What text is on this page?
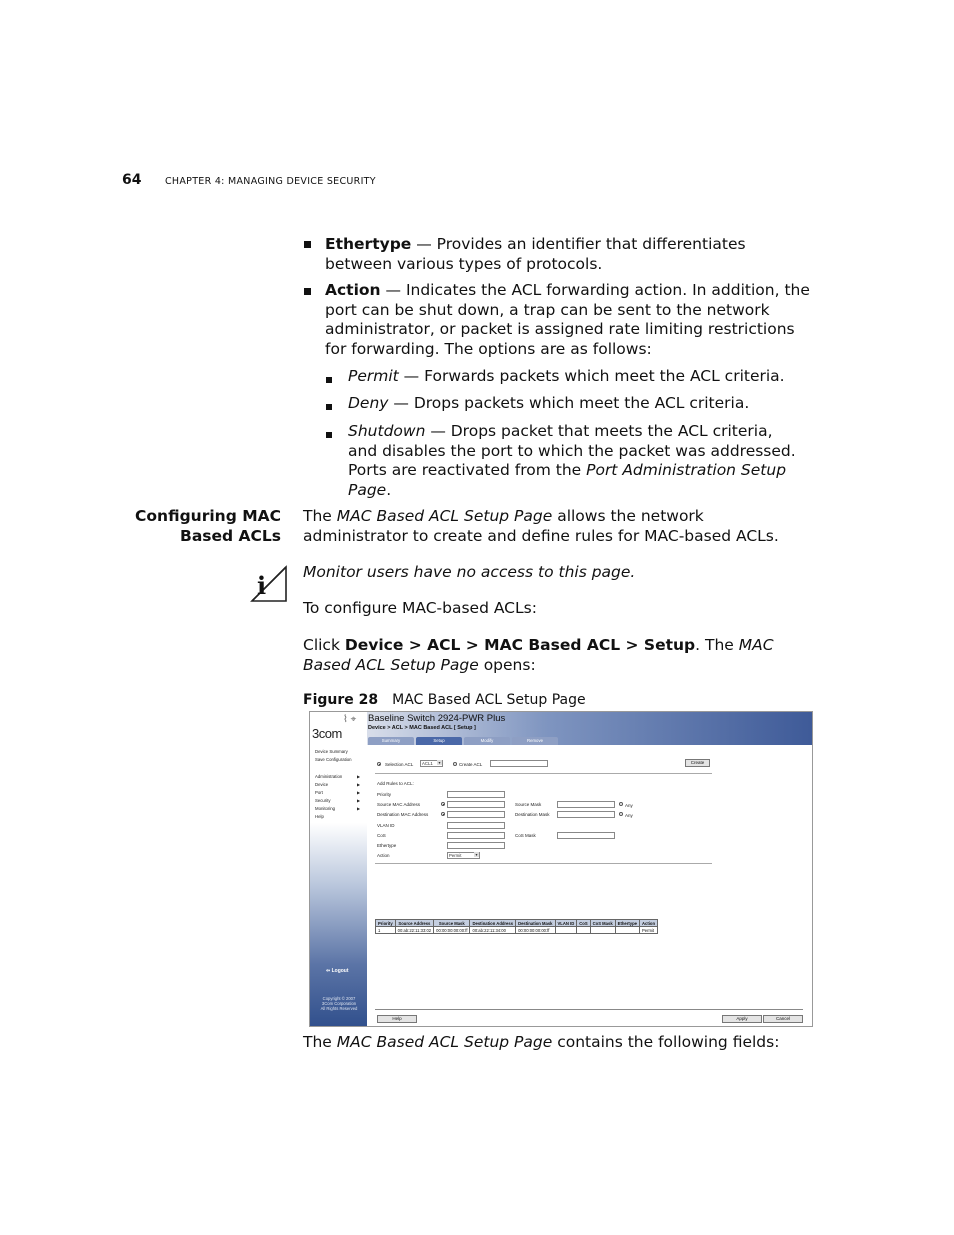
64 CHAPTER 4: MANAGING DEVICE SECURITY
Ethertype — Provides an identifier that differentiates between various types of protocols.
Action — Indicates the ACL forwarding action. In addition, the port can be shut down, a trap can be sent to the network administrator, or packet is assigned rate limiting restrictions for forwarding. The options are as follows:
Permit — Forwards packets which meet the ACL criteria.
Deny — Drops packets which meet the ACL criteria.
Shutdown — Drops packet that meets the ACL criteria, and disables the port to which the packet was addressed. Ports are reactivated from the Port Administration Setup Page.
Configuring MAC
Based ACLs
The MAC Based ACL Setup Page allows the network administrator to create and define rules for MAC-based ACLs.
i Monitor users have no access to this page.
To configure MAC-based ACLs:
Click Device > ACL > MAC Based ACL > Setup. The MAC Based ACL Setup Page opens:
Figure 28 MAC Based ACL Setup Page
⌇ ⌖
3com
Device Summary
Save Configuration
Administration	▶
Device	▶
Port	▶
Security	▶
Monitoring	▶
Help
⇦ Logout
Copyright © 2007
3Com Corporation
All Rights Reserved
Baseline Switch 2924-PWR Plus
Device > ACL > MAC Based ACL [ Setup ]
Summary	Setup	Modify	Remove
Selection ACL	ACL1 ▾	Create ACL	Create
Add Rules to ACL:
Priority
Source MAC Address	Source Mask	Any
Destination MAC Address	Destination Mask	Any
VLAN ID
CoS	CoS Mask
Ethertype
Action	Permit ▾
Priority	Source Address	Source Mask	Destination Address	Destination Mask	VLAN ID	CoS	CoS Mask	Ethertype	Action
1	00:ab:22:11:33:02	00:00:00:00:00:ff	00:ab:22:11:34:00	00:00:00:00:00:ff					Permit
Help	Apply	Cancel
The MAC Based ACL Setup Page contains the following fields:
